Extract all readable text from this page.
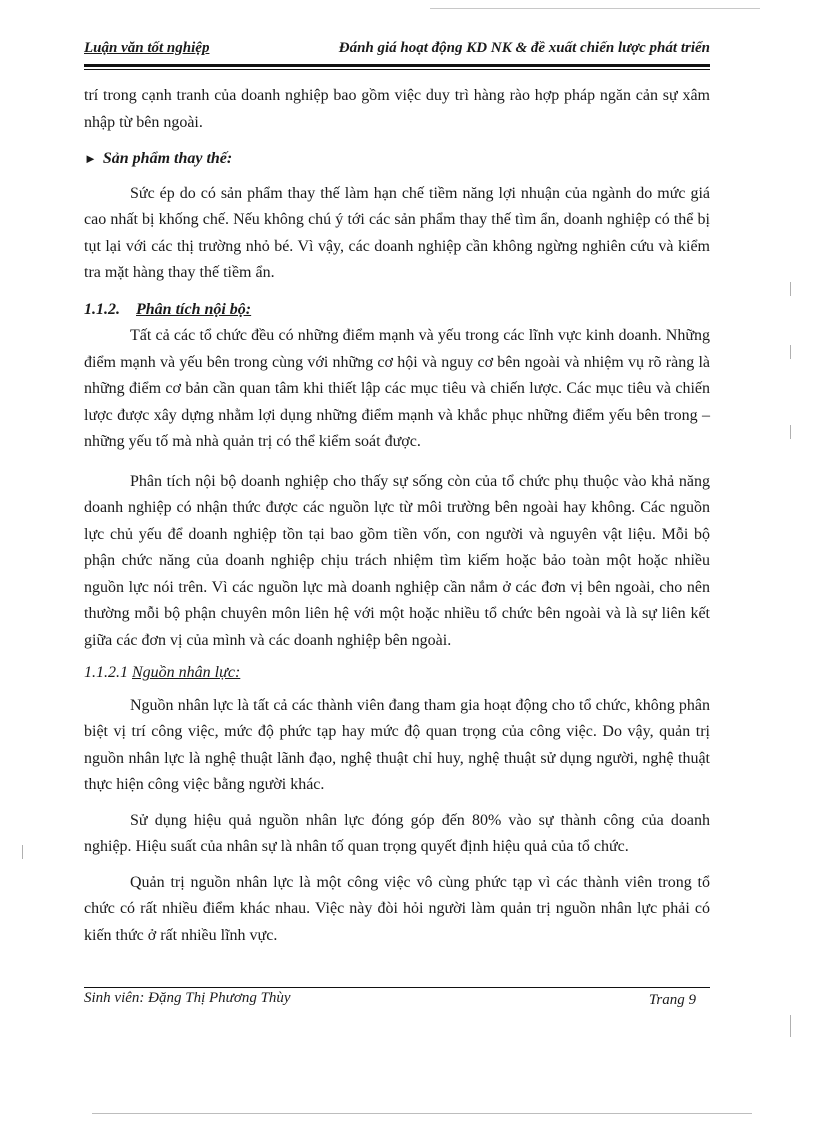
Luận văn tốt nghiệp	Đánh giá hoạt động KD NK & đề xuất chiến lược phát triển

trí trong cạnh tranh của doanh nghiệp bao gồm việc duy trì hàng rào hợp pháp ngăn cản sự xâm nhập từ bên ngoài.

► Sản phẩm thay thế:

Sức ép do có sản phẩm thay thế làm hạn chế tiềm năng lợi nhuận của ngành do mức giá cao nhất bị khống chế. Nếu không chú ý tới các sản phẩm thay thế tìm ẩn, doanh nghiệp có thể bị tụt lại với các thị trường nhỏ bé. Vì vậy, các doanh nghiệp cần không ngừng nghiên cứu và kiểm tra mặt hàng thay thế tiềm ẩn.

1.1.2. Phân tích nội bộ:

Tất cả các tổ chức đều có những điểm mạnh và yếu trong các lĩnh vực kinh doanh. Những điểm mạnh và yếu bên trong cùng với những cơ hội và nguy cơ bên ngoài và nhiệm vụ rõ ràng là những điểm cơ bản cần quan tâm khi thiết lập các mục tiêu và chiến lược. Các mục tiêu và chiến lược được xây dựng nhằm lợi dụng những điểm mạnh và khắc phục những điểm yếu bên trong – những yếu tố mà nhà quản trị có thể kiểm soát được.

Phân tích nội bộ doanh nghiệp cho thấy sự sống còn của tổ chức phụ thuộc vào khả năng doanh nghiệp có nhận thức được các nguồn lực từ môi trường bên ngoài hay không. Các nguồn lực chủ yếu để doanh nghiệp tồn tại bao gồm tiền vốn, con người và nguyên vật liệu. Mỗi bộ phận chức năng của doanh nghiệp chịu trách nhiệm tìm kiếm hoặc bảo toàn một hoặc nhiều nguồn lực nói trên. Vì các nguồn lực mà doanh nghiệp cần nắm ở các đơn vị bên ngoài, cho nên thường mỗi bộ phận chuyên môn liên hệ với một hoặc nhiều tổ chức bên ngoài và là sự liên kết giữa các đơn vị của mình và các doanh nghiệp bên ngoài.

1.1.2.1 Nguồn nhân lực:

Nguồn nhân lực là tất cả các thành viên đang tham gia hoạt động cho tổ chức, không phân biệt vị trí công việc, mức độ phức tạp hay mức độ quan trọng của công việc. Do vậy, quản trị nguồn nhân lực là nghệ thuật lãnh đạo, nghệ thuật chỉ huy, nghệ thuật sử dụng người, nghệ thuật thực hiện công việc bằng người khác.

Sử dụng hiệu quả nguồn nhân lực đóng góp đến 80% vào sự thành công của doanh nghiệp. Hiệu suất của nhân sự là nhân tố quan trọng quyết định hiệu quả của tổ chức.

Quản trị nguồn nhân lực là một công việc vô cùng phức tạp vì các thành viên trong tổ chức có rất nhiều điểm khác nhau. Việc này đòi hỏi người làm quản trị nguồn nhân lực phải có kiến thức ở rất nhiều lĩnh vực.

Sinh viên: Đặng Thị Phương Thùy	Trang 9
